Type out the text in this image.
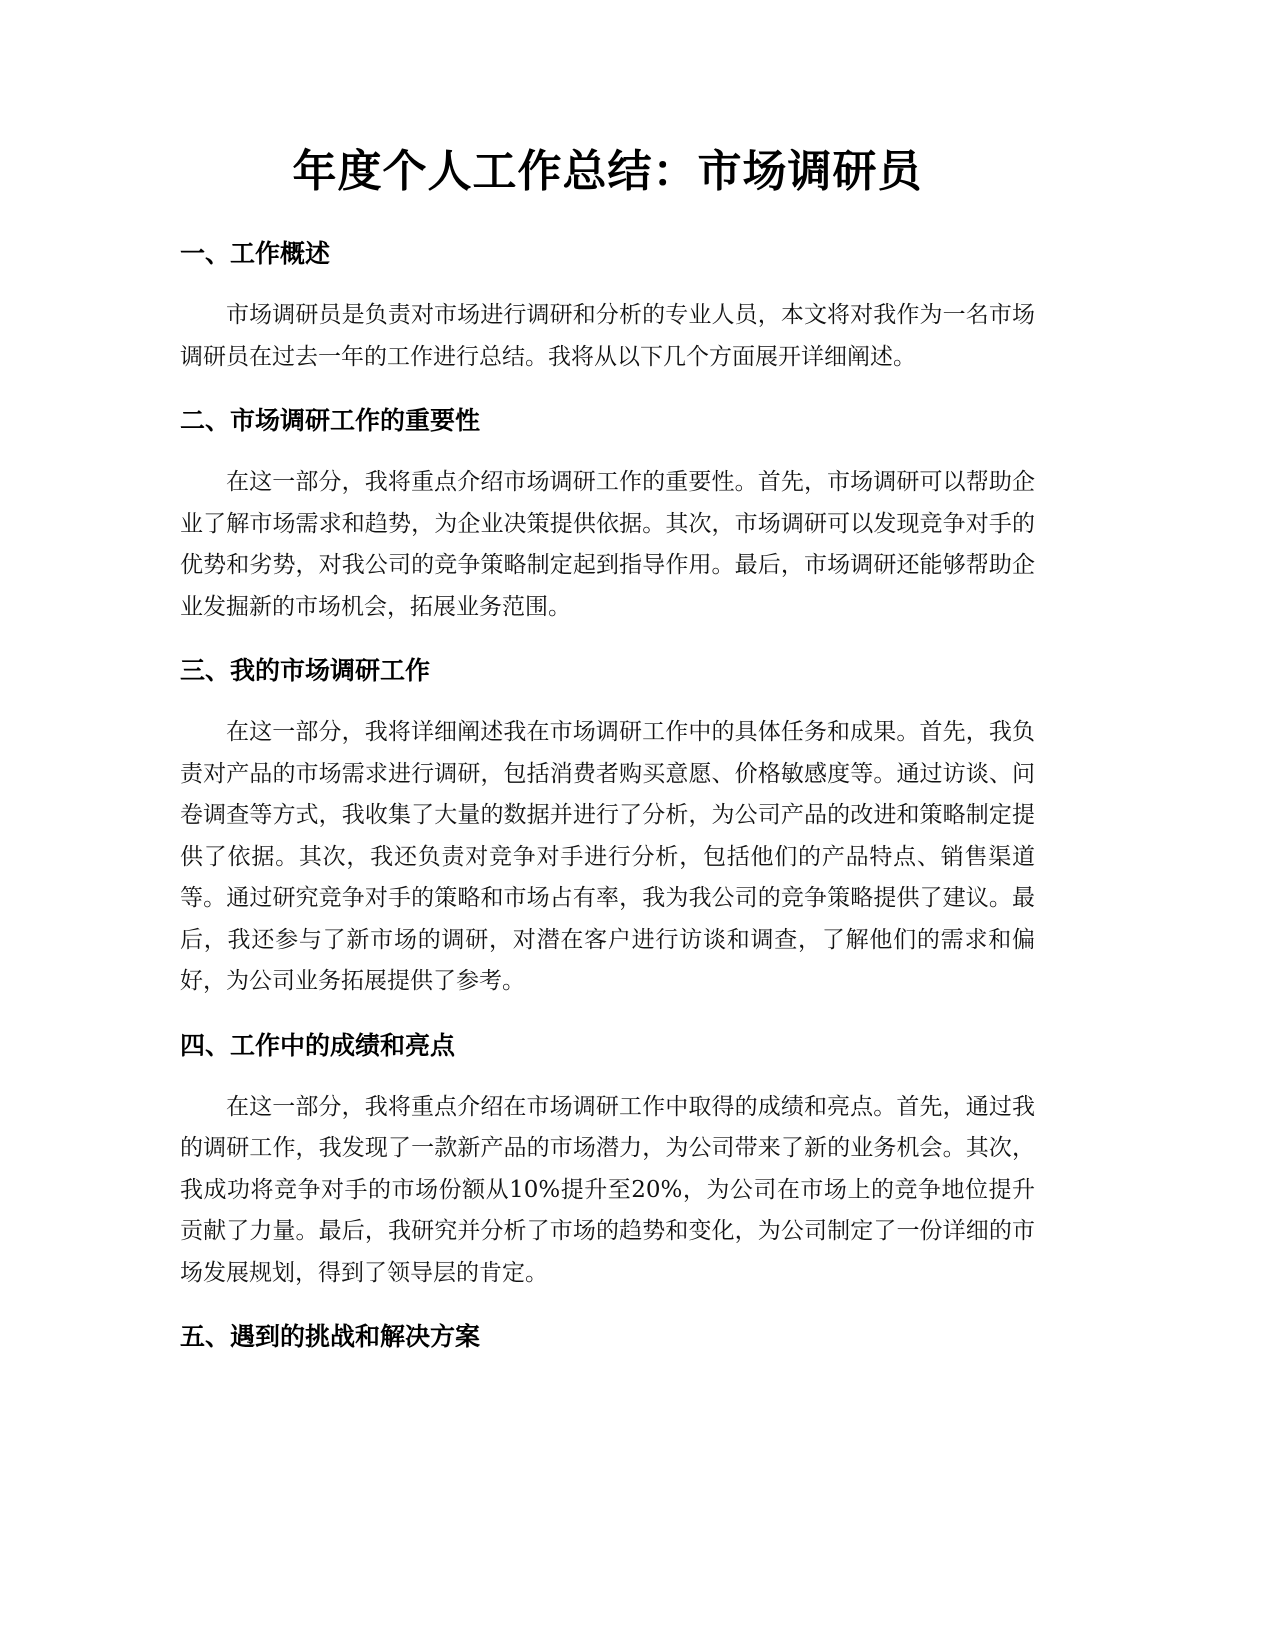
年度个人工作总结：市场调研员
一、工作概述

市场调研员是负责对市场进行调研和分析的专业人员，本文将对我作为一名市场调研员在过去一年的工作进行总结。我将从以下几个方面展开详细阐述。

二、市场调研工作的重要性

在这一部分，我将重点介绍市场调研工作的重要性。首先，市场调研可以帮助企业了解市场需求和趋势，为企业决策提供依据。其次，市场调研可以发现竞争对手的优势和劣势，对我公司的竞争策略制定起到指导作用。最后，市场调研还能够帮助企业发掘新的市场机会，拓展业务范围。

三、我的市场调研工作

在这一部分，我将详细阐述我在市场调研工作中的具体任务和成果。首先，我负责对产品的市场需求进行调研，包括消费者购买意愿、价格敏感度等。通过访谈、问卷调查等方式，我收集了大量的数据并进行了分析，为公司产品的改进和策略制定提供了依据。其次，我还负责对竞争对手进行分析，包括他们的产品特点、销售渠道等。通过研究竞争对手的策略和市场占有率，我为我公司的竞争策略提供了建议。最后，我还参与了新市场的调研，对潜在客户进行访谈和调查，了解他们的需求和偏好，为公司业务拓展提供了参考。

四、工作中的成绩和亮点

在这一部分，我将重点介绍在市场调研工作中取得的成绩和亮点。首先，通过我的调研工作，我发现了一款新产品的市场潜力，为公司带来了新的业务机会。其次，我成功将竞争对手的市场份额从10%提升至20%，为公司在市场上的竞争地位提升贡献了力量。最后，我研究并分析了市场的趋势和变化，为公司制定了一份详细的市场发展规划，得到了领导层的肯定。

五、遇到的挑战和解决方案
